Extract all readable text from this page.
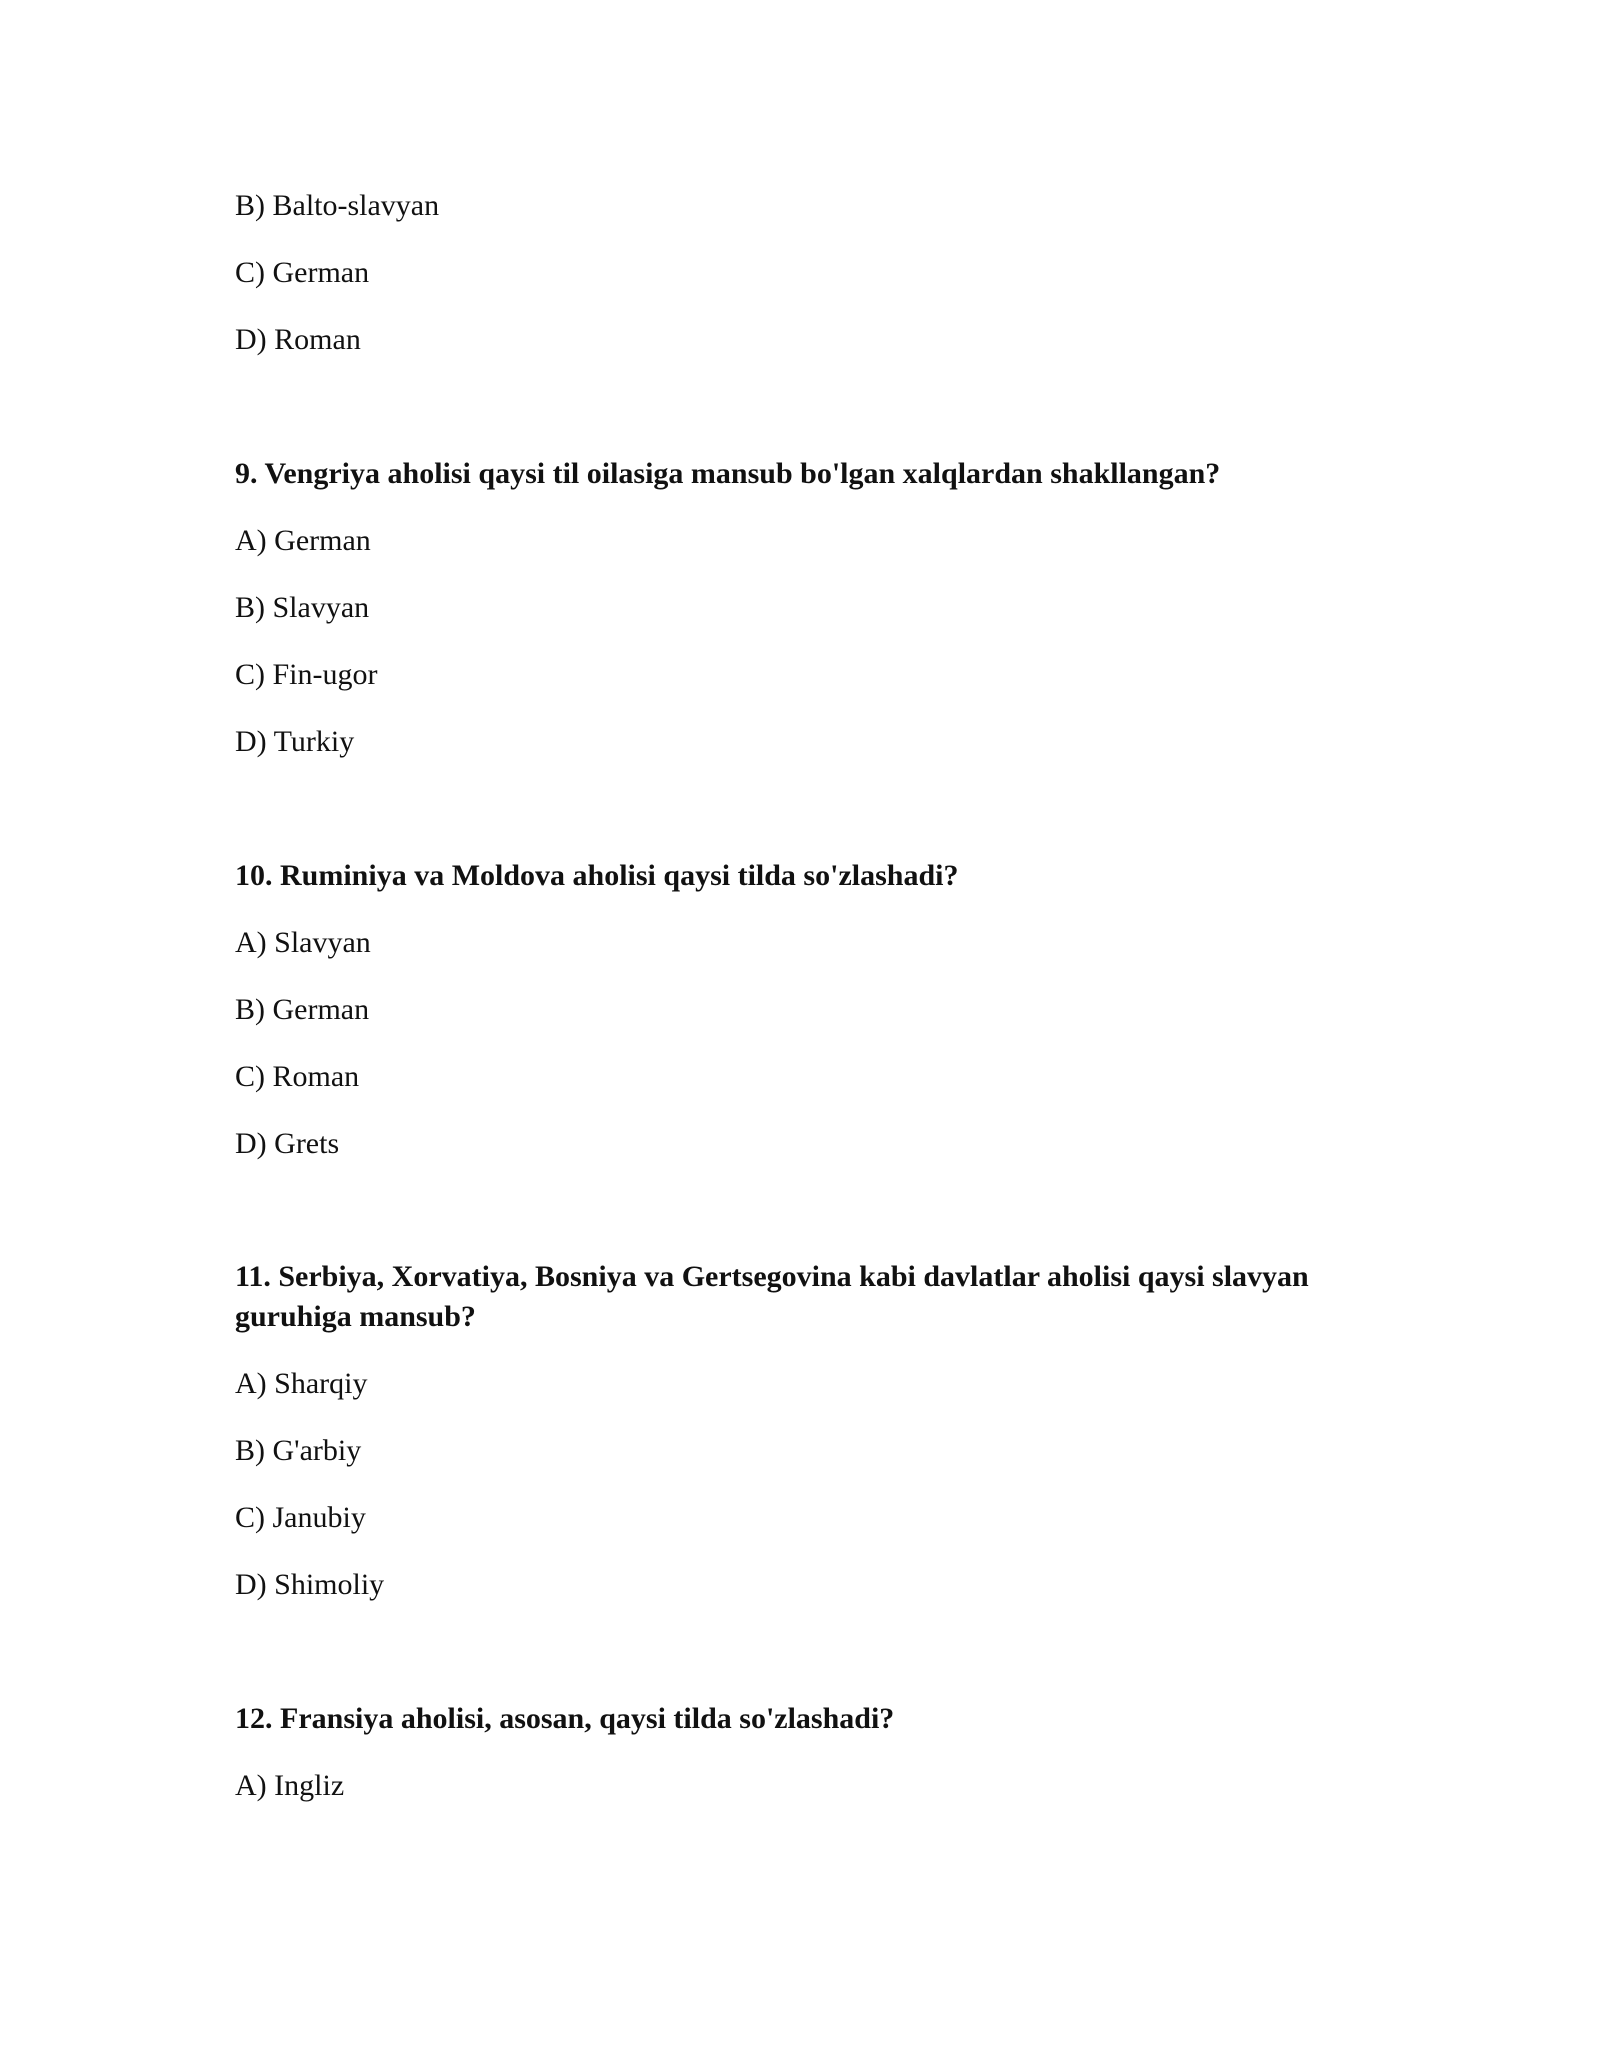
B) Balto-slavyan

C) German

D) Roman

9. Vengriya aholisi qaysi til oilasiga mansub bo'lgan xalqlardan shakllangan?

A) German

B) Slavyan

C) Fin-ugor

D) Turkiy

10. Ruminiya va Moldova aholisi qaysi tilda so'zlashadi?

A) Slavyan

B) German

C) Roman

D) Grets

11. Serbiya, Xorvatiya, Bosniya va Gertsegovina kabi davlatlar aholisi qaysi slavyan guruhiga mansub?

A) Sharqiy

B) G'arbiy

C) Janubiy

D) Shimoliy

12. Fransiya aholisi, asosan, qaysi tilda so'zlashadi?

A) Ingliz
